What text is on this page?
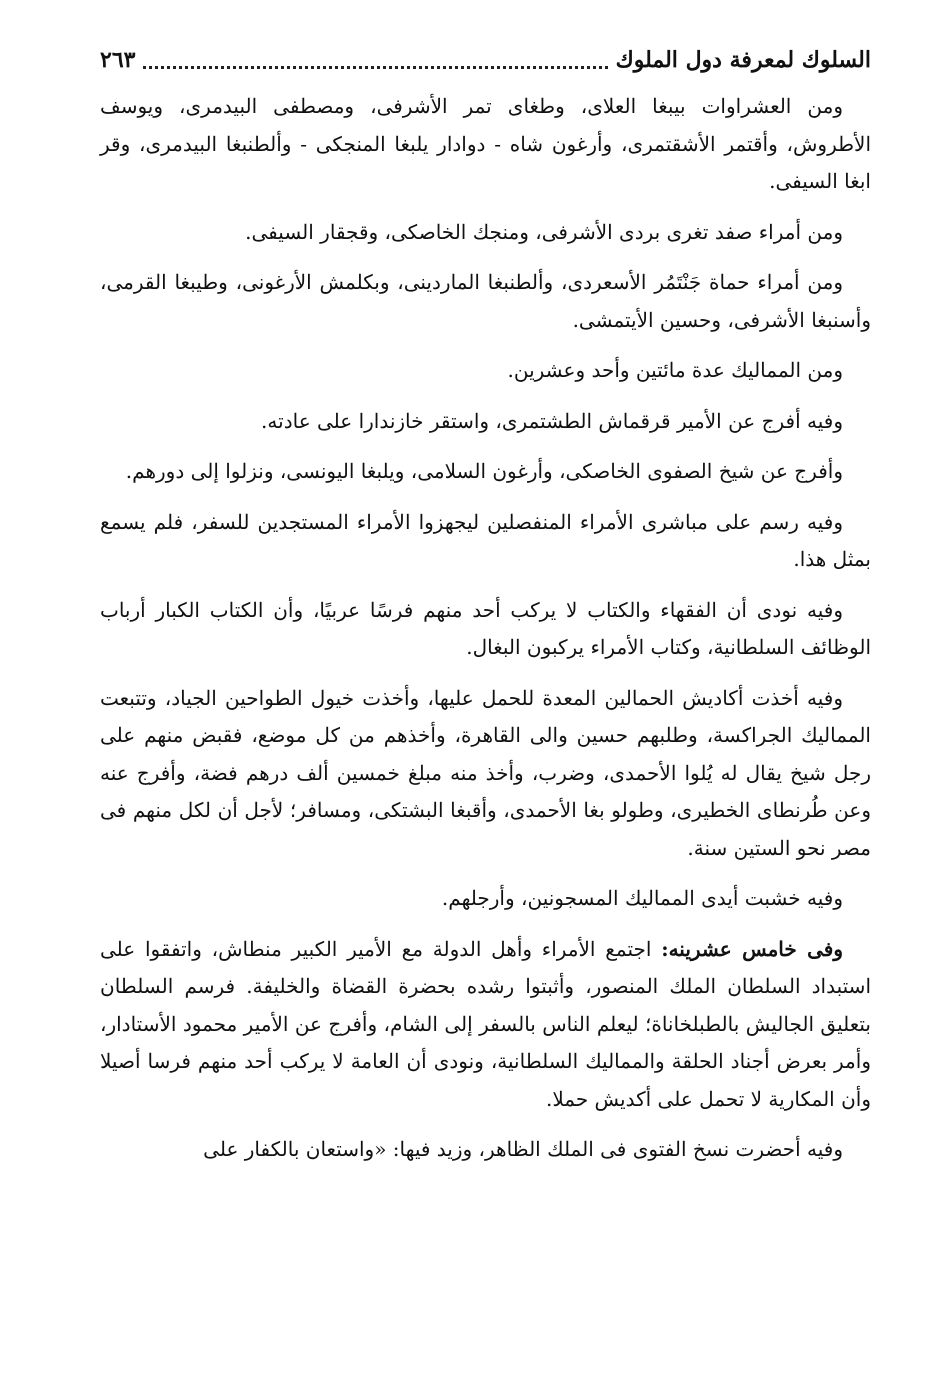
السلوك لمعرفة دول الملوك
٢٦٣

ومن العشراوات بيبغا العلاى، وطغاى تمر الأشرفى، ومصطفى البيدمرى، ويوسف الأطروش، وأقتمر الأشقتمرى، وأرغون شاه - دوادار يلبغا المنجكى - وألطنبغا البيدمرى، وقر ابغا السيفى.

ومن أمراء صفد تغرى بردى الأشرفى، ومنجك الخاصكى، وقجقار السيفى.

ومن أمراء حماة جَنْتَمُر الأسعردى، وألطنبغا الماردينى، وبكلمش الأرغونى، وطيبغا القرمى، وأسنبغا الأشرفى، وحسين الأيتمشى.

ومن المماليك عدة مائتين وأحد وعشرين.

وفيه أفرج عن الأمير قرقماش الطشتمرى، واستقر خازندارا على عادته.

وأفرج عن شيخ الصفوى الخاصكى، وأرغون السلامى، ويلبغا اليونسى، ونزلوا إلى دورهم.

وفيه رسم على مباشرى الأمراء المنفصلين ليجهزوا الأمراء المستجدين للسفر، فلم يسمع بمثل هذا.

وفيه نودى أن الفقهاء والكتاب لا يركب أحد منهم فرسًا عربيًا، وأن الكتاب الكبار أرباب الوظائف السلطانية، وكتاب الأمراء يركبون البغال.

وفيه أخذت أكاديش الحمالين المعدة للحمل عليها، وأخذت خيول الطواحين الجياد، وتتبعت المماليك الجراكسة، وطلبهم حسين والى القاهرة، وأخذهم من كل موضع، فقبض منهم على رجل شيخ يقال له يُلوا الأحمدى، وضرب، وأخذ منه مبلغ خمسين ألف درهم فضة، وأفرج عنه وعن طُرنطاى الخطيرى، وطولو بغا الأحمدى، وأقبغا البشتكى، ومسافر؛ لأجل أن لكل منهم فى مصر نحو الستين سنة.

وفيه خشبت أيدى المماليك المسجونين، وأرجلهم.

وفى خامس عشرينه: اجتمع الأمراء وأهل الدولة مع الأمير الكبير منطاش، واتفقوا على استبداد السلطان الملك المنصور، وأثبتوا رشده بحضرة القضاة والخليفة. فرسم السلطان بتعليق الجاليش بالطبلخاناة؛ ليعلم الناس بالسفر إلى الشام، وأفرج عن الأمير محمود الأستادار، وأمر بعرض أجناد الحلقة والمماليك السلطانية، ونودى أن العامة لا يركب أحد منهم فرسا أصيلا وأن المكارية لا تحمل على أكديش حملا.

وفيه أحضرت نسخ الفتوى فى الملك الظاهر، وزيد فيها: «واستعان بالكفار على
